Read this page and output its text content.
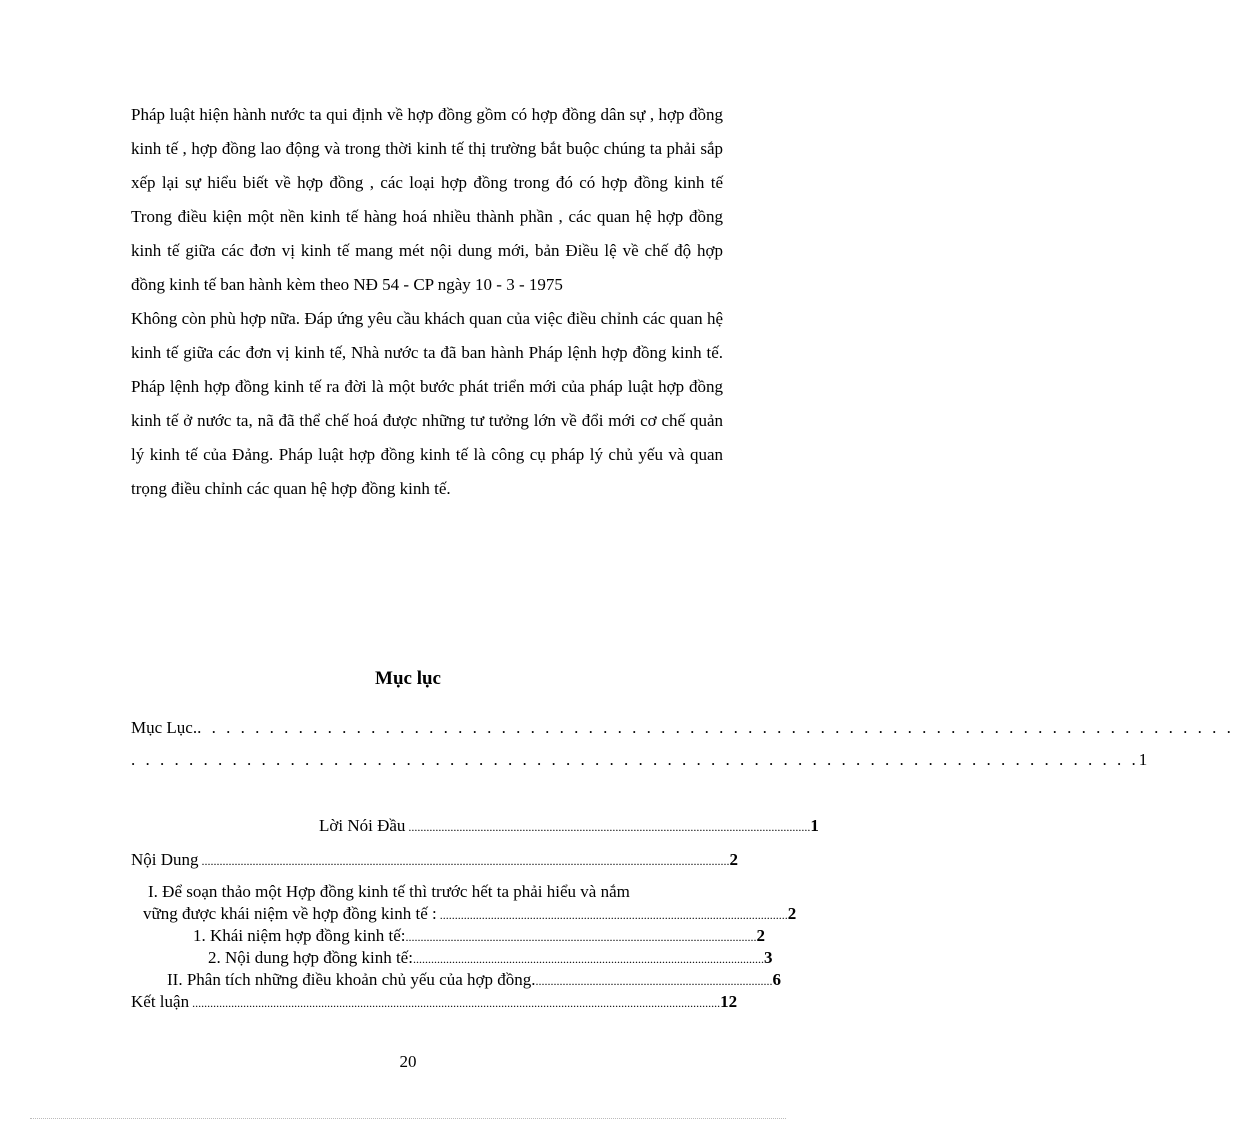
Pháp luật hiện hành nước ta qui định về hợp đồng gồm có hợp đồng dân sự , hợp đồng kinh tế , hợp đồng lao động và trong thời kinh tế thị trường bắt buộc chúng ta phải sắp xếp lại sự hiểu biết về hợp đồng , các loại hợp đồng trong đó có hợp đồng kinh tế

Trong điều kiện một nền kinh tế hàng hoá nhiều thành phần , các quan hệ hợp đồng kinh tế giữa các đơn vị kinh tế mang mét nội dung mới, bản Điều lệ về chế độ hợp đồng kinh tế ban hành kèm theo NĐ 54 - CP ngày 10 - 3 - 1975

Không còn phù hợp nữa. Đáp ứng yêu cầu khách quan của việc điều chỉnh các quan hệ kinh tế giữa các đơn vị kinh tế, Nhà nước ta đã ban hành Pháp lệnh hợp đồng kinh tế. Pháp lệnh hợp đồng kinh tế ra đời là một bước phát triển mới của pháp luật hợp đồng kinh tế ở nước ta, nã đã thể chế hoá được những tư tưởng lớn về đổi mới cơ chế quản lý kinh tế của Đảng. Pháp luật hợp đồng kinh tế là công cụ pháp lý chủ yếu và quan trọng điều chỉnh các quan hệ hợp đồng kinh tế.

Mục lục
Mục Lục. . . . . . . . . . . . . . . . . . . . . . . . . . . . . . . . . . . . . . . . . . . . . . . . . . . . . . . . . . . . . . . . . . . . . . . . .
. . . . . . . . . . . . . . . . . . . . . . . . . . . . . . . . . . . . . . . . . . . . . . . . . . . . . . . . . . . . . . . . . . . . . . 1
Lời Nói Đầu ...................................................................................................................................... 1
Nội Dung ................................................................................................................................................................................ 2
I. Để soạn thảo một Hợp đồng kinh tế thì trước hết ta phải hiểu và nắm
vững được khái niệm về hợp đồng kinh tế : .................................................................................................................... 2
1. Khái niệm hợp đồng kinh tế: ..................................................................................................................... 2
2. Nội dung hợp đồng kinh tế: ..................................................................................................................... 3
II. Phân tích những điều khoản chủ yếu của hợp đồng. ............................................................................... 6
Kết luận ................................................................................................................................................................................ 12
20
